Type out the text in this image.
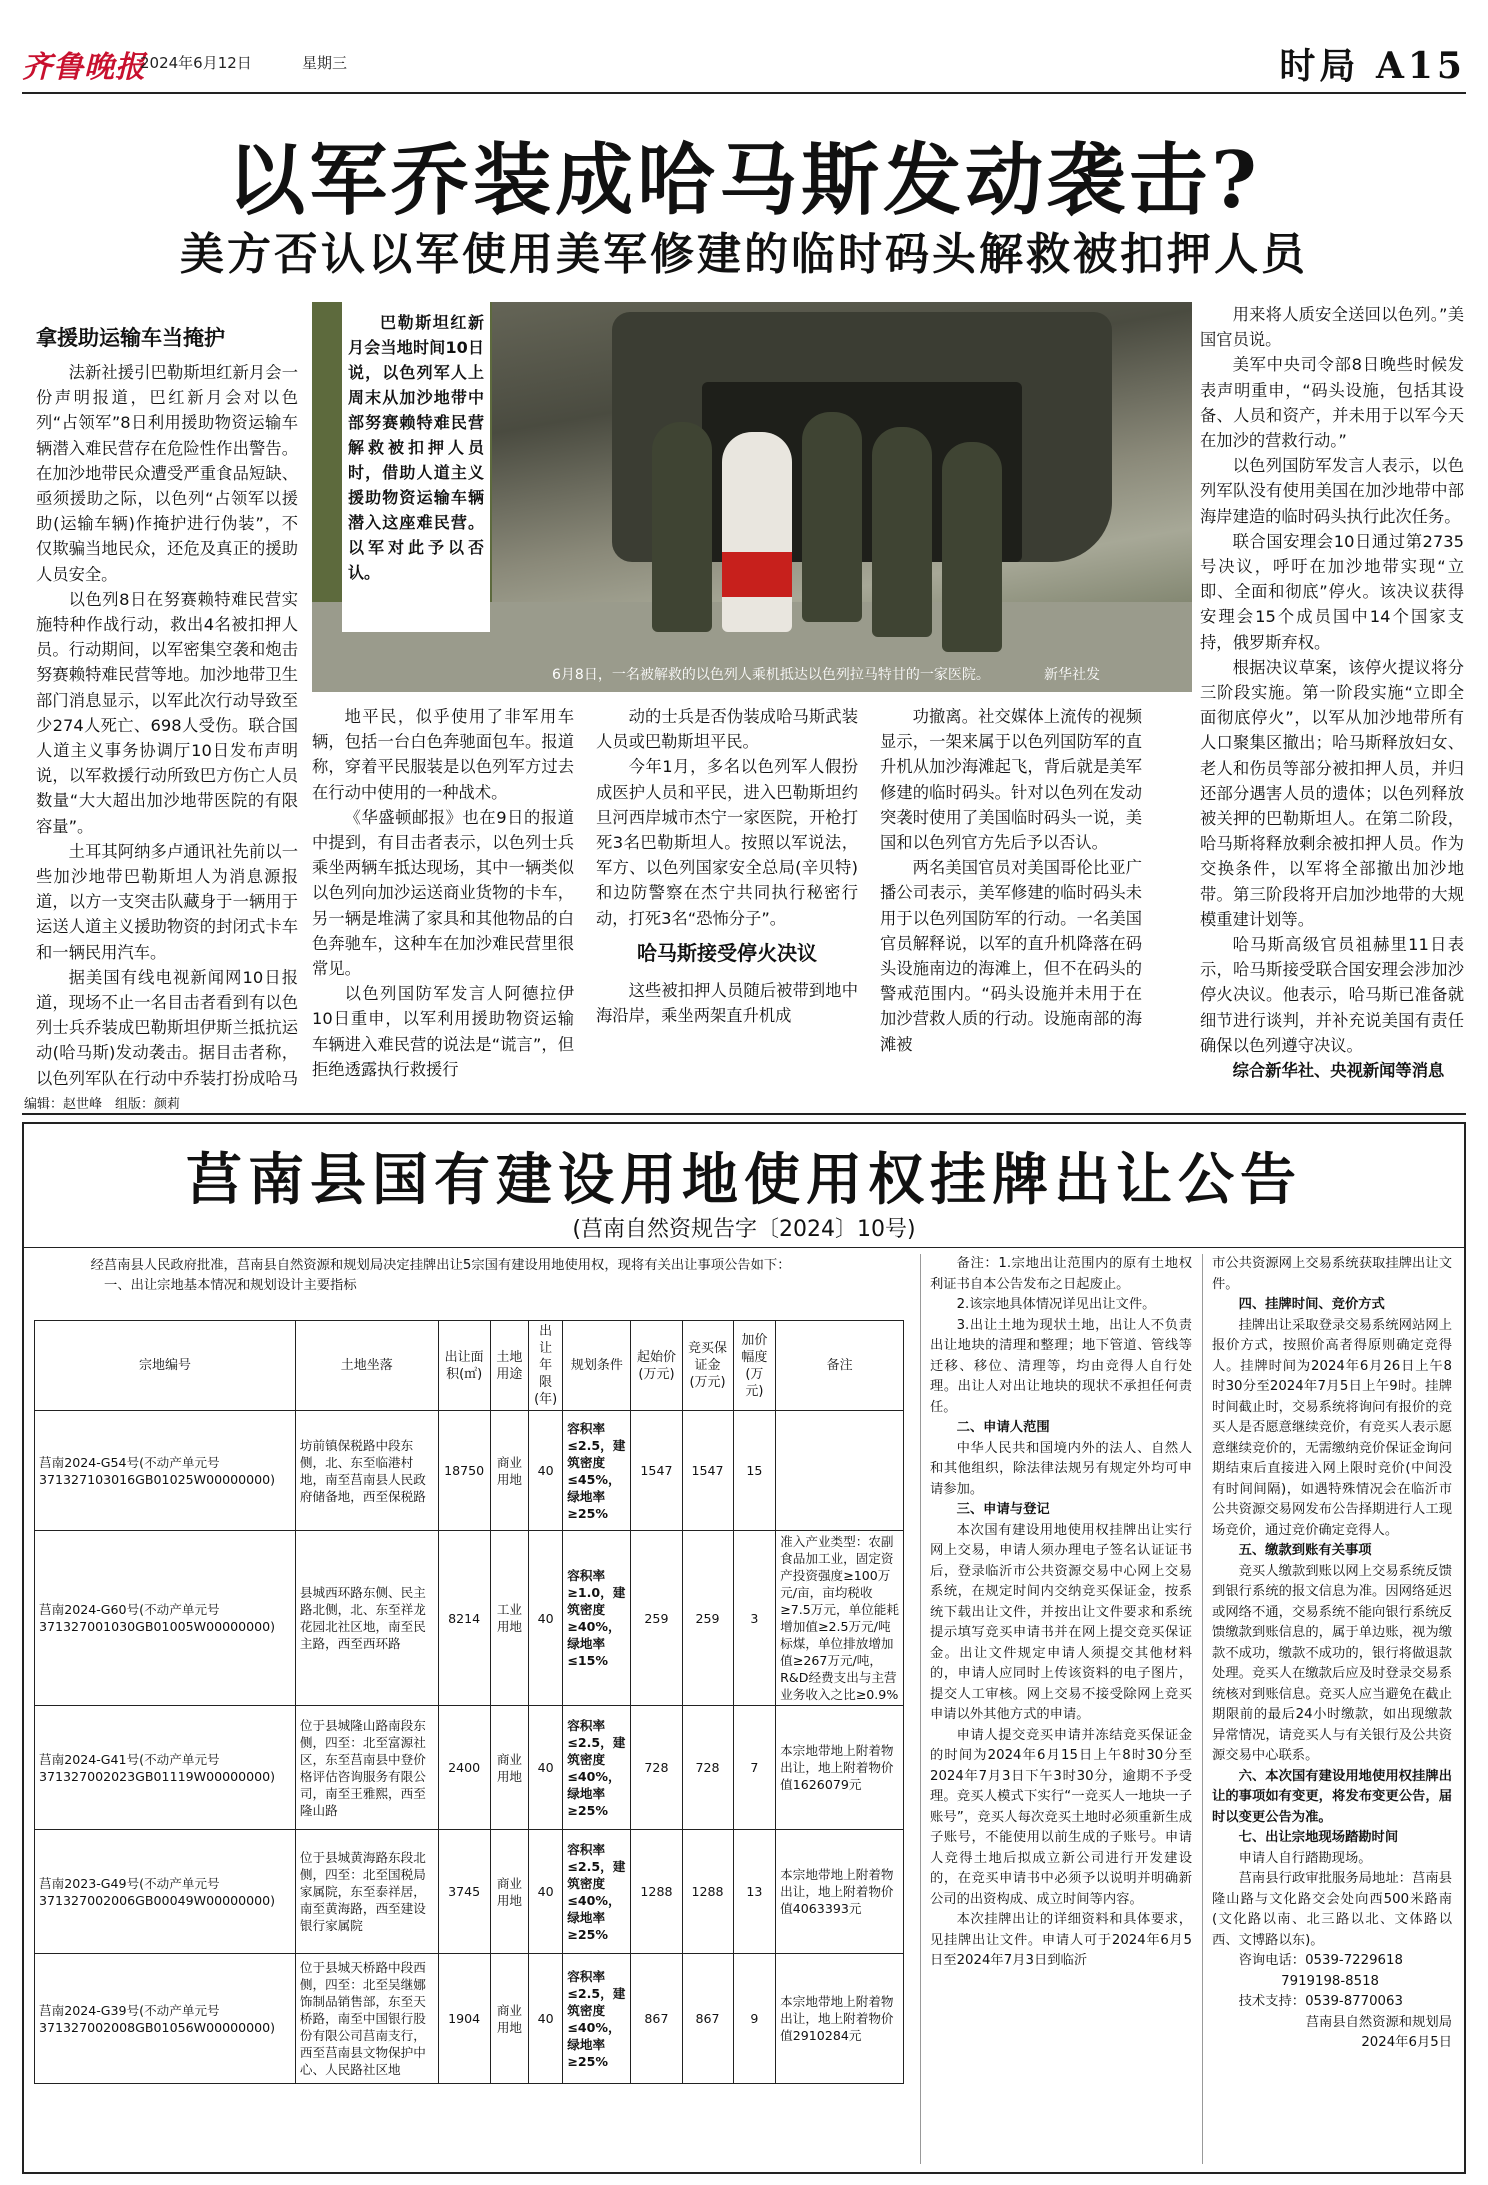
齐鲁晚报
2024年6月12日	星期三	时局 A15
以军乔装成哈马斯发动袭击?
美方否认以军使用美军修建的临时码头解救被扣押人员
拿援助运输车当掩护

法新社援引巴勒斯坦红新月会一份声明报道，巴红新月会对以色列“占领军”8日利用援助物资运输车辆潜入难民营存在危险性作出警告。在加沙地带民众遭受严重食品短缺、亟须援助之际，以色列“占领军以援助(运输车辆)作掩护进行伪装”，不仅欺骗当地民众，还危及真正的援助人员安全。

以色列8日在努赛赖特难民营实施特种作战行动，救出4名被扣押人员。行动期间，以军密集空袭和炮击努赛赖特难民营等地。加沙地带卫生部门消息显示，以军此次行动导致至少274人死亡、698人受伤。联合国人道主义事务协调厅10日发布声明说，以军救援行动所致巴方伤亡人员数量“大大超出加沙地带医院的有限容量”。

土耳其阿纳多卢通讯社先前以一些加沙地带巴勒斯坦人为消息源报道，以方一支突击队藏身于一辆用于运送人道主义援助物资的封闭式卡车和一辆民用汽车。

据美国有线电视新闻网10日报道，现场不止一名目击者看到有以色列士兵乔装成巴勒斯坦伊斯兰抵抗运动(哈马斯)发动袭击。据目击者称，以色列军队在行动中乔装打扮成哈马

6月8日，一名被解救的以色列人乘机抵达以色列拉马特甘的一家医院。	新华社发
巴勒斯坦红新月会当地时间10日说，以色列军人上周末从加沙地带中部努赛赖特难民营解救被扣押人员时，借助人道主义援助物资运输车辆潜入这座难民营。以军对此予以否认。

地平民，似乎使用了非军用车辆，包括一台白色奔驰面包车。报道称，穿着平民服装是以色列军方过去在行动中使用的一种战术。

《华盛顿邮报》也在9日的报道中提到，有目击者表示，以色列士兵乘坐两辆车抵达现场，其中一辆类似以色列向加沙运送商业货物的卡车，另一辆是堆满了家具和其他物品的白色奔驰车，这种车在加沙难民营里很常见。

以色列国防军发言人阿德拉伊10日重申，以军利用援助物资运输车辆进入难民营的说法是“谎言”，但拒绝透露执行救援行

动的士兵是否伪装成哈马斯武装人员或巴勒斯坦平民。

今年1月，多名以色列军人假扮成医护人员和平民，进入巴勒斯坦约旦河西岸城市杰宁一家医院，开枪打死3名巴勒斯坦人。按照以军说法，军方、以色列国家安全总局(辛贝特)和边防警察在杰宁共同执行秘密行动，打死3名“恐怖分子”。

哈马斯接受停火决议

这些被扣押人员随后被带到地中海沿岸，乘坐两架直升机成

功撤离。社交媒体上流传的视频显示，一架来属于以色列国防军的直升机从加沙海滩起飞，背后就是美军修建的临时码头。针对以色列在发动突袭时使用了美国临时码头一说，美国和以色列官方先后予以否认。

两名美国官员对美国哥伦比亚广播公司表示，美军修建的临时码头未用于以色列国防军的行动。一名美国官员解释说，以军的直升机降落在码头设施南边的海滩上，但不在码头的警戒范围内。“码头设施并未用于在加沙营救人质的行动。设施南部的海滩被

用来将人质安全送回以色列。”美国官员说。

美军中央司令部8日晚些时候发表声明重申，“码头设施，包括其设备、人员和资产，并未用于以军今天在加沙的营救行动。”

以色列国防军发言人表示，以色列军队没有使用美国在加沙地带中部海岸建造的临时码头执行此次任务。

联合国安理会10日通过第2735号决议，呼吁在加沙地带实现“立即、全面和彻底”停火。该决议获得安理会15个成员国中14个国家支持，俄罗斯弃权。

根据决议草案，该停火提议将分三阶段实施。第一阶段实施“立即全面彻底停火”，以军从加沙地带所有人口聚集区撤出；哈马斯释放妇女、老人和伤员等部分被扣押人员，并归还部分遇害人员的遗体；以色列释放被关押的巴勒斯坦人。在第二阶段，哈马斯将释放剩余被扣押人员。作为交换条件，以军将全部撤出加沙地带。第三阶段将开启加沙地带的大规模重建计划等。

哈马斯高级官员祖赫里11日表示，哈马斯接受联合国安理会涉加沙停火决议。他表示，哈马斯已准备就细节进行谈判，并补充说美国有责任确保以色列遵守决议。

综合新华社、央视新闻等消息

编辑：赵世峰　组版：颜莉
莒南县国有建设用地使用权挂牌出让公告
(莒南自然资规告字〔2024〕10号)

经莒南县人民政府批准，莒南县自然资源和规划局决定挂牌出让5宗国有建设用地使用权，现将有关出让事项公告如下：

一、出让宗地基本情况和规划设计主要指标

宗地编号	土地坐落	出让面积(㎡)	土地用途	出让年限(年)	规划条件	起始价(万元)	竞买保证金(万元)	加价幅度(万元)	备注
莒南2024-G54号(不动产单元号371327103016GB01025W00000000)	坊前镇保税路中段东侧，北、东至临港村地，南至莒南县人民政府储备地，西至保税路	18750	商业用地	40	容积率≤2.5，建筑密度≤45%，绿地率≥25%	1547	1547	15	
莒南2024-G60号(不动产单元号371327001030GB01005W00000000)	县城西环路东侧、民主路北侧，北、东至祥龙花园北社区地，南至民主路，西至西环路	8214	工业用地	40	容积率≥1.0，建筑密度≥40%，绿地率≤15%	259	259	3	准入产业类型：农副食品加工业，固定资产投资强度≥100万元/亩，亩均税收≥7.5万元，单位能耗增加值≥2.5万元/吨标煤，单位排放增加值≥267万元/吨，R&D经费支出与主营业务收入之比≥0.9%
莒南2024-G41号(不动产单元号371327002023GB01119W00000000)	位于县城隆山路南段东侧，四至：北至富源社区，东至莒南县中登价格评估咨询服务有限公司，南至王雅熙，西至隆山路	2400	商业用地	40	容积率≤2.5，建筑密度≤40%，绿地率≥25%	728	728	7	本宗地带地上附着物出让，地上附着物价值1626079元
莒南2023-G49号(不动产单元号371327002006GB00049W00000000)	位于县城黄海路东段北侧，四至：北至国税局家属院，东至泰祥居，南至黄海路，西至建设银行家属院	3745	商业用地	40	容积率≤2.5，建筑密度≤40%，绿地率≥25%	1288	1288	13	本宗地带地上附着物出让，地上附着物价值4063393元
莒南2024-G39号(不动产单元号371327002008GB01056W00000000)	位于县城天桥路中段西侧，四至：北至吴继娜饰制品销售部，东至天桥路，南至中国银行股份有限公司莒南支行，西至莒南县文物保护中心、人民路社区地	1904	商业用地	40	容积率≤2.5，建筑密度≤40%，绿地率≥25%	867	867	9	本宗地带地上附着物出让，地上附着物价值2910284元

备注：1.宗地出让范围内的原有土地权利证书自本公告发布之日起废止。

2.该宗地具体情况详见出让文件。

3.出让土地为现状土地，出让人不负责出让地块的清理和整理；地下管道、管线等迁移、移位、清理等，均由竞得人自行处理。出让人对出让地块的现状不承担任何责任。

二、申请人范围

中华人民共和国境内外的法人、自然人和其他组织，除法律法规另有规定外均可申请参加。

三、申请与登记

本次国有建设用地使用权挂牌出让实行网上交易，申请人须办理电子签名认证证书后，登录临沂市公共资源交易中心网上交易系统，在规定时间内交纳竞买保证金，按系统下载出让文件，并按出让文件要求和系统提示填写竞买申请书并在网上提交竞买保证金。出让文件规定申请人须提交其他材料的，申请人应同时上传该资料的电子图片，提交人工审核。网上交易不接受除网上竞买申请以外其他方式的申请。

申请人提交竞买申请并冻结竞买保证金的时间为2024年6月15日上午8时30分至2024年7月3日下午3时30分，逾期不予受理。竞买人模式下实行“一竞买人一地块一子账号”，竞买人每次竞买土地时必须重新生成子账号，不能使用以前生成的子账号。申请人竞得土地后拟成立新公司进行开发建设的，在竞买申请书中必须予以说明并明确新公司的出资构成、成立时间等内容。

本次挂牌出让的详细资料和具体要求，见挂牌出让文件。申请人可于2024年6月5日至2024年7月3日到临沂

市公共资源网上交易系统获取挂牌出让文件。

四、挂牌时间、竞价方式

挂牌出让采取登录交易系统网站网上报价方式，按照价高者得原则确定竞得人。挂牌时间为2024年6月26日上午8时30分至2024年7月5日上午9时。挂牌时间截止时，交易系统将询问有报价的竞买人是否愿意继续竞价，有竞买人表示愿意继续竞价的，无需缴纳竞价保证金询问期结束后直接进入网上限时竞价(中间没有时间间隔)，如遇特殊情况会在临沂市公共资源交易网发布公告择期进行人工现场竞价，通过竞价确定竞得人。

五、缴款到账有关事项

竞买人缴款到账以网上交易系统反馈到银行系统的报文信息为准。因网络延迟或网络不通，交易系统不能向银行系统反馈缴款到账信息的，属于单边账，视为缴款不成功，缴款不成功的，银行将做退款处理。竞买人在缴款后应及时登录交易系统核对到账信息。竞买人应当避免在截止期限前的最后24小时缴款，如出现缴款异常情况，请竞买人与有关银行及公共资源交易中心联系。

六、本次国有建设用地使用权挂牌出让的事项如有变更，将发布变更公告，届时以变更公告为准。

七、出让宗地现场踏勘时间

申请人自行踏勘现场。

莒南县行政审批服务局地址：莒南县隆山路与文化路交会处向西500米路南(文化路以南、北三路以北、文体路以西、文博路以东)。

咨询电话：0539-7229618

7919198-8518

技术支持：0539-8770063

莒南县自然资源和规划局

2024年6月5日
